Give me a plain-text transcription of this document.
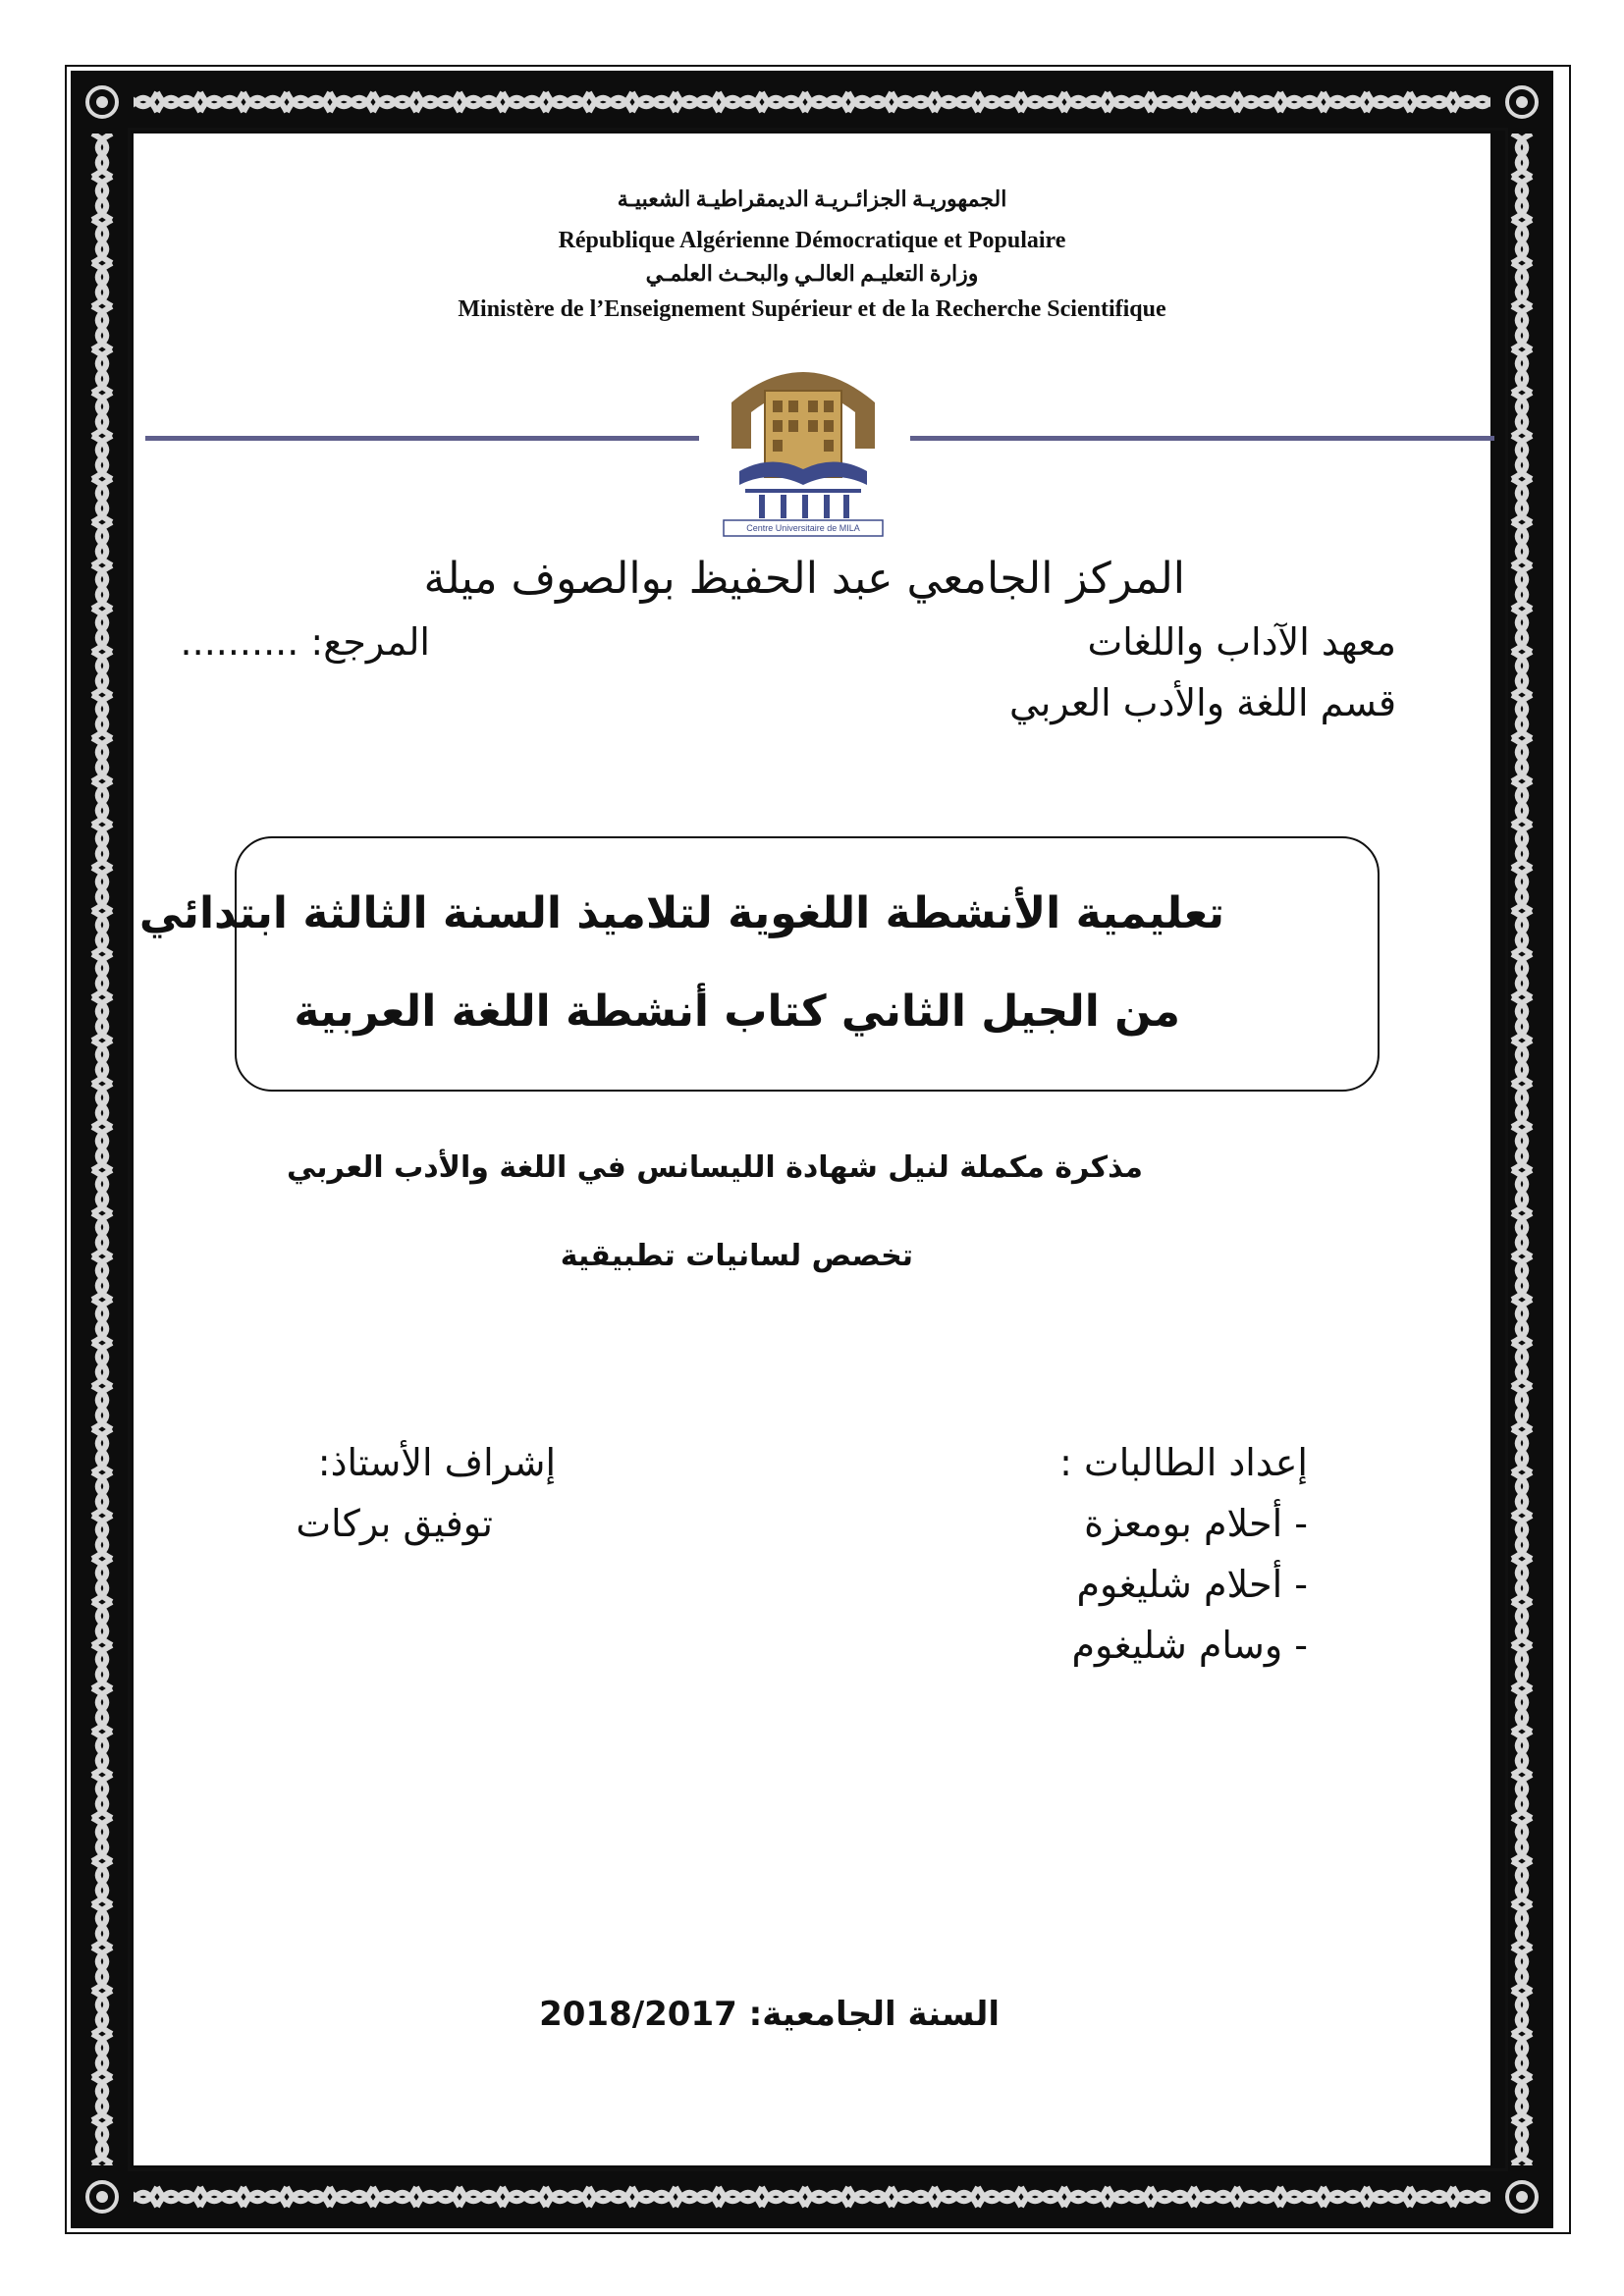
الجمهوريـة الجزائـريـة الديمقراطيـة الشعبيـة
République Algérienne Démocratique et Populaire
وزارة التعليـم العالـي والبحـث العلمـي
Ministère de l’Enseignement Supérieur et de la Recherche Scientifique
Centre Universitaire de MILA
المركز الجامعي عبد الحفيظ بوالصوف ميلة
معهد الآداب واللغات
المرجع: ..........
قسم اللغة والأدب العربي
تعليمية الأنشطة اللغوية لتلاميذ السنة الثالثة ابتدائي
من الجيل الثاني كتاب أنشطة اللغة العربية
مذكرة مكملة لنيل شهادة الليسانس في اللغة والأدب العربي
تخصص لسانيات تطبيقية
إعداد الطالبات :
- أحلام بومعزة
- أحلام شليغوم
- وسام شليغوم
إشراف الأستاذ:
توفيق بركات
السنة الجامعية: 2018/2017
